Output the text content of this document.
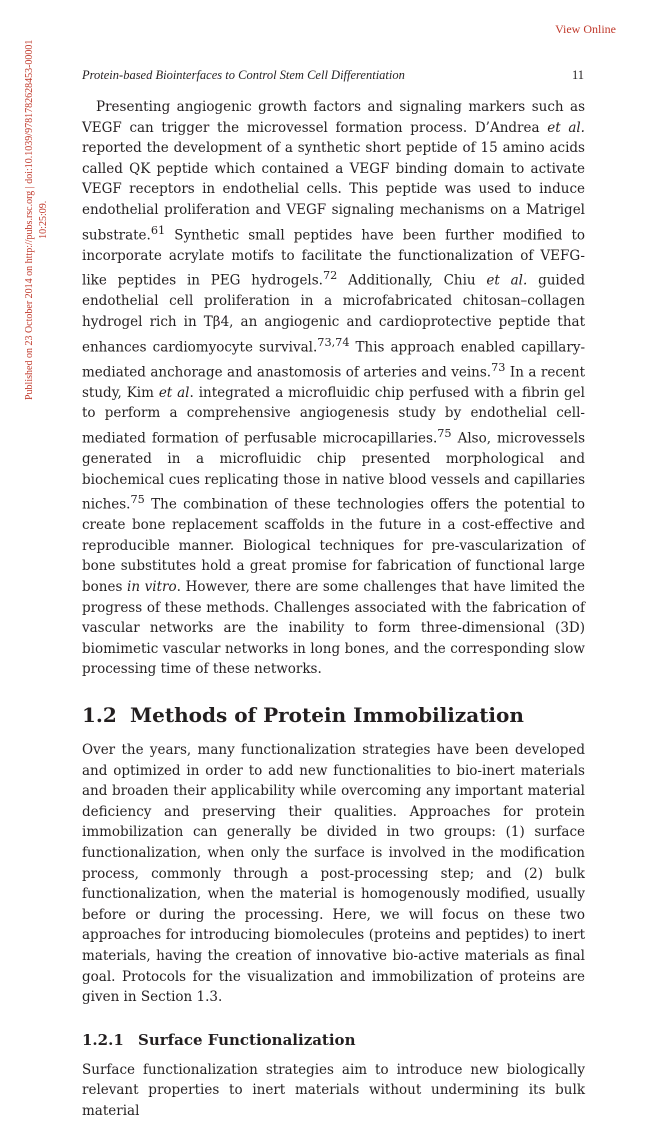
View Online
Published on 23 October 2014 on http://pubs.rsc.org | doi:10.1039/9781782628453-00001 10:25:09.
Protein-based Biointerfaces to Control Stem Cell Differentiation	11

Presenting angiogenic growth factors and signaling markers such as VEGF can trigger the microvessel formation process. D’Andrea et al. reported the development of a synthetic short peptide of 15 amino acids called QK peptide which contained a VEGF binding domain to activate VEGF receptors in endothelial cells. This peptide was used to induce endothelial proliferation and VEGF signaling mechanisms on a Matrigel substrate.$^{61}$ Synthetic small peptides have been further modified to incorporate acrylate motifs to facilitate the functionalization of VEFG-like peptides in PEG hydrogels.$^{72}$ Additionally, Chiu et al. guided endothelial cell proliferation in a microfabricated chitosan–collagen hydrogel rich in Tβ4, an angiogenic and cardioprotective peptide that enhances cardiomyocyte survival.$^{73,74}$ This approach enabled capillary-mediated anchorage and anastomosis of arteries and veins.$^{73}$ In a recent study, Kim et al. integrated a microfluidic chip perfused with a fibrin gel to perform a comprehensive angiogenesis study by endothelial cell-mediated formation of perfusable microcapillaries.$^{75}$ Also, microvessels generated in a microfluidic chip presented morphological and biochemical cues replicating those in native blood vessels and capillaries niches.$^{75}$ The combination of these technologies offers the potential to create bone replacement scaffolds in the future in a cost-effective and reproducible manner. Biological techniques for pre-vascularization of bone substitutes hold a great promise for fabrication of functional large bones in vitro. However, there are some challenges that have limited the progress of these methods. Challenges associated with the fabrication of vascular networks are the inability to form three-dimensional (3D) biomimetic vascular networks in long bones, and the corresponding slow processing time of these networks.

1.2 Methods of Protein Immobilization

Over the years, many functionalization strategies have been developed and optimized in order to add new functionalities to bio-inert materials and broaden their applicability while overcoming any important material deficiency and preserving their qualities. Approaches for protein immobilization can generally be divided in two groups: (1) surface functionalization, when only the surface is involved in the modification process, commonly through a post-processing step; and (2) bulk functionalization, when the material is homogenously modified, usually before or during the processing. Here, we will focus on these two approaches for introducing biomolecules (proteins and peptides) to inert materials, having the creation of innovative bio-active materials as final goal. Protocols for the visualization and immobilization of proteins are given in Section 1.3.

1.2.1 Surface Functionalization

Surface functionalization strategies aim to introduce new biologically relevant properties to inert materials without undermining its bulk material
